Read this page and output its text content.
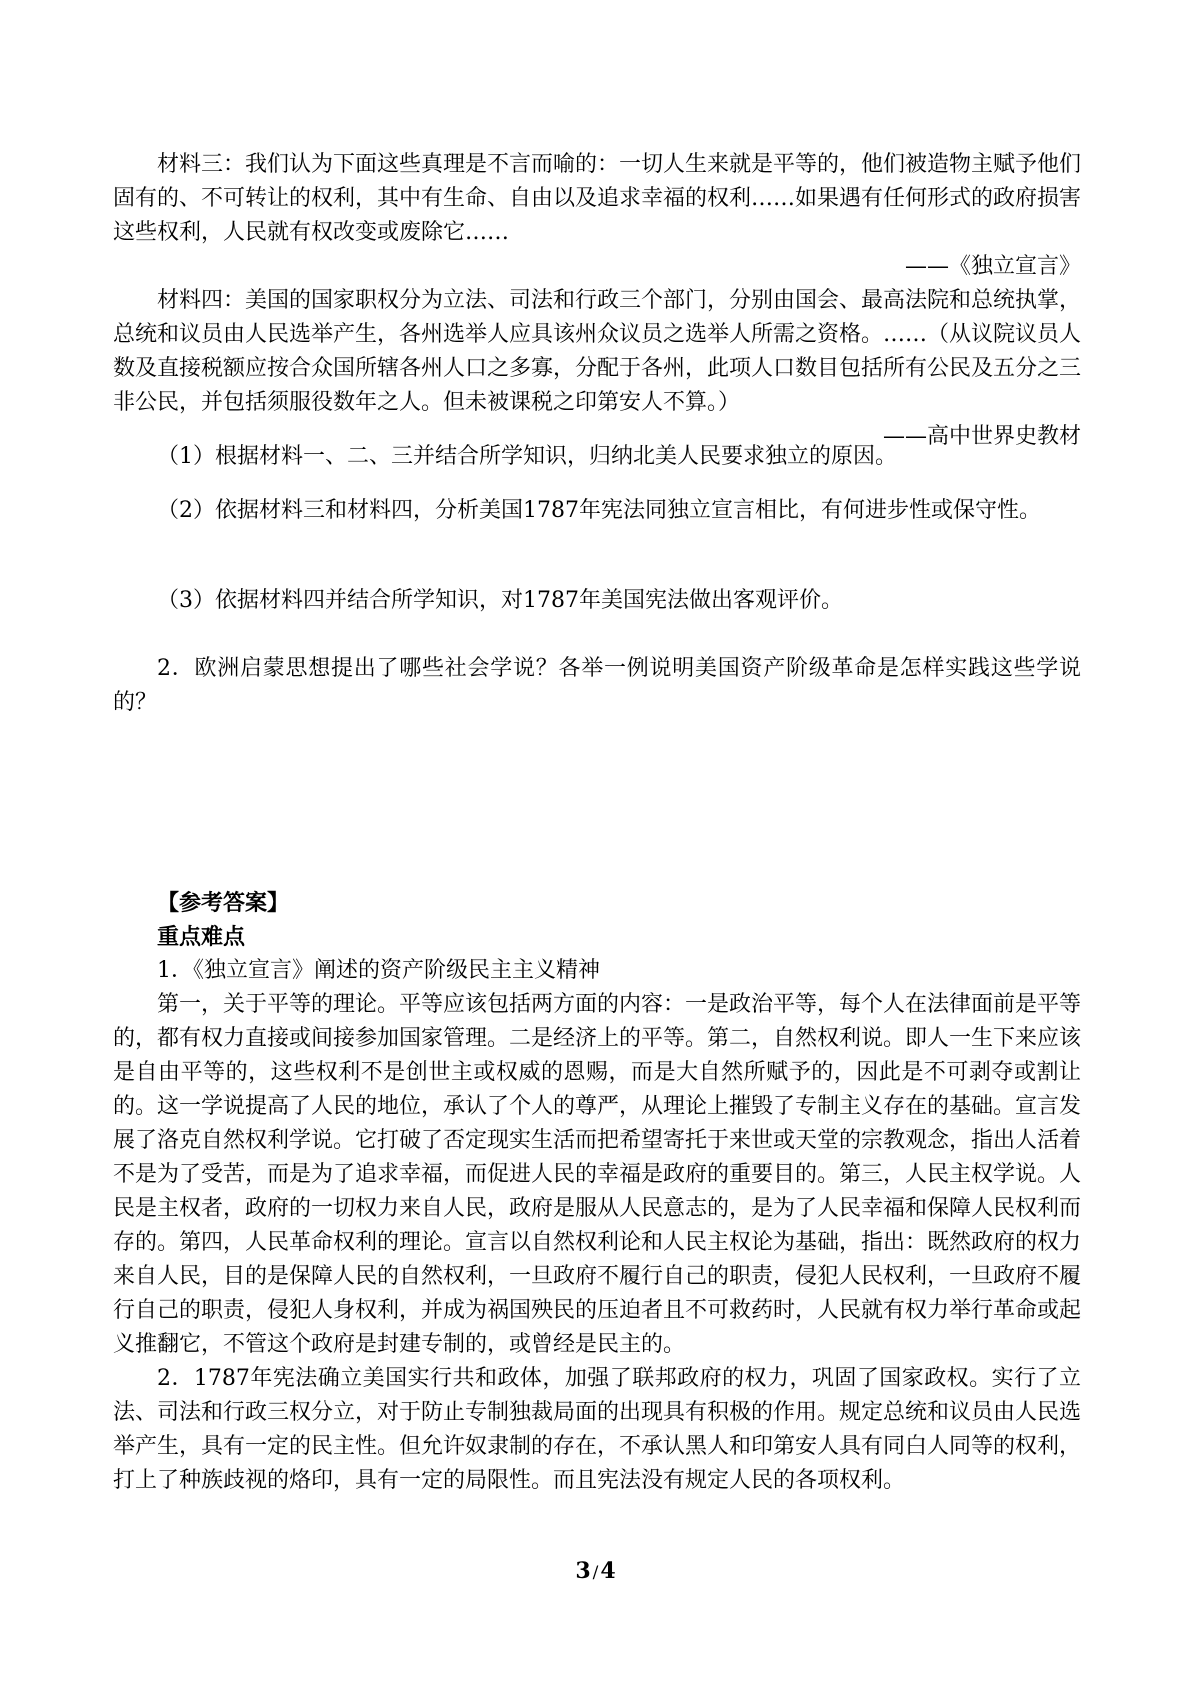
材料三：我们认为下面这些真理是不言而喻的：一切人生来就是平等的，他们被造物主赋予他们固有的、不可转让的权利，其中有生命、自由以及追求幸福的权利……如果遇有任何形式的政府损害这些权利，人民就有权改变或废除它……

——《独立宣言》

材料四：美国的国家职权分为立法、司法和行政三个部门，分别由国会、最高法院和总统执掌，总统和议员由人民选举产生，各州选举人应具该州众议员之选举人所需之资格。……（从议院议员人数及直接税额应按合众国所辖各州人口之多寡，分配于各州，此项人口数目包括所有公民及五分之三非公民，并包括须服役数年之人。但未被课税之印第安人不算。）

——高中世界史教材

（1）根据材料一、二、三并结合所学知识，归纳北美人民要求独立的原因。

（2）依据材料三和材料四，分析美国1787年宪法同独立宣言相比，有何进步性或保守性。

（3）依据材料四并结合所学知识，对1787年美国宪法做出客观评价。

2．欧洲启蒙思想提出了哪些社会学说？各举一例说明美国资产阶级革命是怎样实践这些学说的？

【参考答案】

重点难点

1．《独立宣言》阐述的资产阶级民主主义精神

第一，关于平等的理论。平等应该包括两方面的内容：一是政治平等，每个人在法律面前是平等的，都有权力直接或间接参加国家管理。二是经济上的平等。第二，自然权利说。即人一生下来应该是自由平等的，这些权利不是创世主或权威的恩赐，而是大自然所赋予的，因此是不可剥夺或割让的。这一学说提高了人民的地位，承认了个人的尊严，从理论上摧毁了专制主义存在的基础。宣言发展了洛克自然权利学说。它打破了否定现实生活而把希望寄托于来世或天堂的宗教观念，指出人活着不是为了受苦，而是为了追求幸福，而促进人民的幸福是政府的重要目的。第三，人民主权学说。人民是主权者，政府的一切权力来自人民，政府是服从人民意志的，是为了人民幸福和保障人民权利而存的。第四，人民革命权利的理论。宣言以自然权利论和人民主权论为基础，指出：既然政府的权力来自人民，目的是保障人民的自然权利，一旦政府不履行自己的职责，侵犯人民权利，一旦政府不履行自己的职责，侵犯人身权利，并成为祸国殃民的压迫者且不可救药时，人民就有权力举行革命或起义推翻它，不管这个政府是封建专制的，或曾经是民主的。

2．1787年宪法确立美国实行共和政体，加强了联邦政府的权力，巩固了国家政权。实行了立法、司法和行政三权分立，对于防止专制独裁局面的出现具有积极的作用。规定总统和议员由人民选举产生，具有一定的民主性。但允许奴隶制的存在，不承认黑人和印第安人具有同白人同等的权利，打上了种族歧视的烙印，具有一定的局限性。而且宪法没有规定人民的各项权利。

3 /4
